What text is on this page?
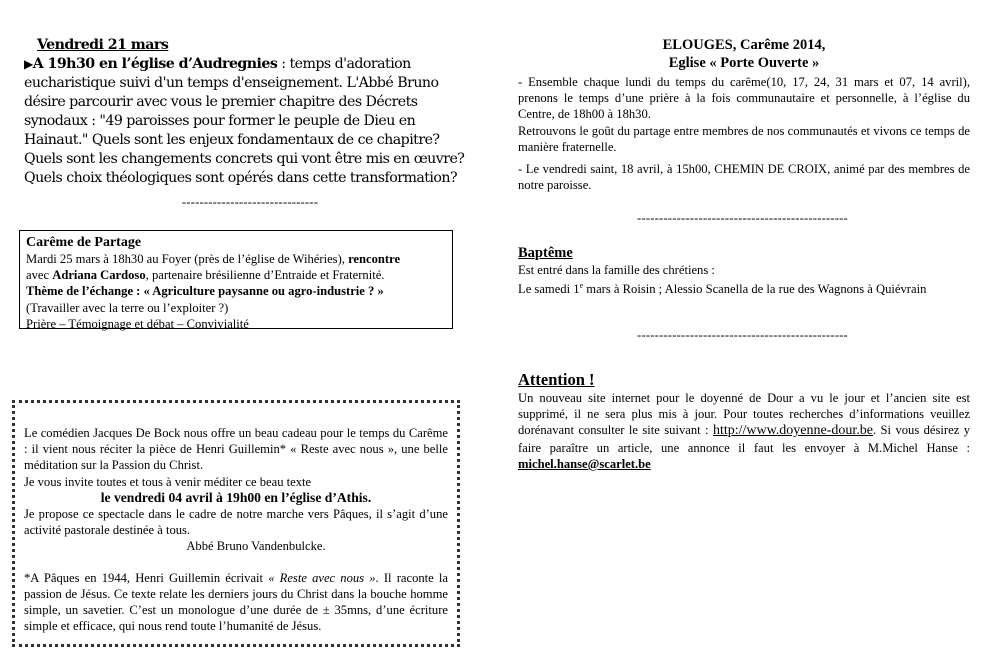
Vendredi 21 mars

▶A 19h30 en l’église d’Audregnies : temps d'adoration eucharistique suivi d'un temps d'enseignement. L'Abbé Bruno désire parcourir avec vous le premier chapitre des Décrets synodaux : "49 paroisses pour former le peuple de Dieu en Hainaut." Quels sont les enjeux fondamentaux de ce chapitre? Quels sont les changements concrets qui vont être mis en œuvre? Quels choix théologiques sont opérés dans cette transformation?

-------------------------------
Carême de Partage

Mardi 25 mars à 18h30 au Foyer (près de l’église de Wihéries), rencontre

avec Adriana Cardoso, partenaire brésilienne d’Entraide et Fraternité.

Thème de l’échange : « Agriculture paysanne ou agro-industrie ? »

(Travailler avec la terre ou l’exploiter ?)

Prière – Témoignage et débat – Convivialité

Le comédien Jacques De Bock nous offre un beau cadeau pour le temps du Carême : il vient nous réciter la pièce de Henri Guillemin* « Reste avec nous », une belle méditation sur la Passion du Christ.

Je vous invite toutes et tous à venir méditer ce beau texte

le vendredi 04 avril à 19h00 en l’église d’Athis.

Je propose ce spectacle dans le cadre de notre marche vers Pâques, il s’agit d’une activité pastorale destinée à tous.

Abbé Bruno Vandenbulcke.

*A Pâques en 1944, Henri Guillemin écrivait « Reste avec nous ». Il raconte la passion de Jésus. Ce texte relate les derniers jours du Christ dans la bouche homme simple, un savetier. C’est un monologue d’une durée de ± 35mns, d’une écriture simple et efficace, qui nous rend toute l’humanité de Jésus.

ELOUGES, Carême 2014,
Eglise « Porte Ouverte »

- Ensemble chaque lundi du temps du carême(10, 17, 24, 31 mars et 07, 14 avril), prenons le temps d’une prière à la fois communautaire et personnelle, à l’église du Centre, de 18h00 à 18h30.

Retrouvons le goût du partage entre membres de nos communautés et vivons ce temps de manière fraternelle.

- Le vendredi saint, 18 avril, à 15h00, CHEMIN DE CROIX, animé par des membres de notre paroisse.

------------------------------------------------
Baptême

Est entré dans la famille des chrétiens :

Le samedi 1e mars à Roisin ; Alessio Scanella de la rue des Wagnons à Quiévrain

------------------------------------------------
Attention !

Un nouveau site internet pour le doyenné de Dour a vu le jour et l’ancien site est supprimé, il ne sera plus mis à jour. Pour toutes recherches d’informations veuillez dorénavant consulter le site suivant : http://www.doyenne-dour.be. Si vous désirez y faire paraître un article, une annonce il faut les envoyer à M.Michel Hanse : michel.hanse@scarlet.be
